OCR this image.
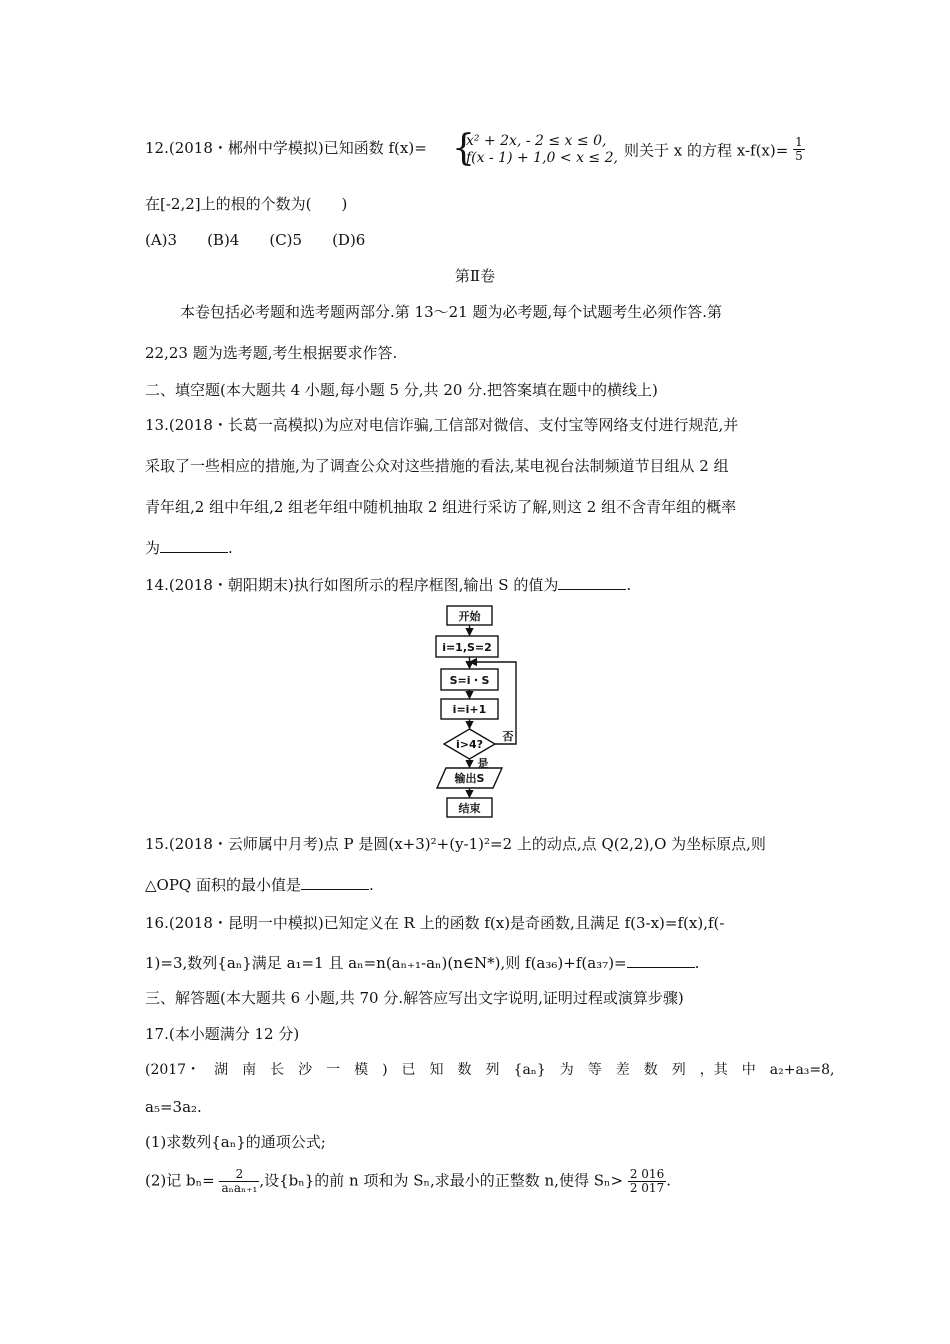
12.(2018・郴州中学模拟)已知函数 f(x)= {
x² + 2x, - 2 ≤ x ≤ 0,
f(x - 1) + 1,0 < x ≤ 2, 则关于 x 的方程 $x-f(x)= \frac{1}{5}$
在[-2,2]上的根的个数为(　　)
(A)3　　(B)4　　(C)5　　(D)6
第Ⅱ卷
本卷包括必考题和选考题两部分.第 13～21 题为必考题,每个试题考生必须作答.第
22,23 题为选考题,考生根据要求作答.
二、填空题(本大题共 4 小题,每小题 5 分,共 20 分.把答案填在题中的横线上)
13.(2018・长葛一高模拟)为应对电信诈骗,工信部对微信、支付宝等网络支付进行规范,并
采取了一些相应的措施,为了调查公众对这些措施的看法,某电视台法制频道节目组从 2 组
青年组,2 组中年组,2 组老年组中随机抽取 2 组进行采访了解,则这 2 组不含青年组的概率
为	.
14.(2018・朝阳期末)执行如图所示的程序框图,输出 S 的值为	.
开始
i=1,S=2
S=i・S
i=i+1
i>4?
输出S
结束
是
否
15.(2018・云师属中月考)点 P 是圆(x+3)²+(y-1)²=2 上的动点,点 Q(2,2),O 为坐标原点,则
△OPQ 面积的最小值是	.
16.(2018・昆明一中模拟)已知定义在 R 上的函数 f(x)是奇函数,且满足 f(3-x)=f(x),f(-
1)=3,数列{aₙ}满足 a₁=1 且 aₙ=n(aₙ₊₁-aₙ)(n∈N*),则 f(a₃₆)+f(a₃₇)=	.
三、解答题(本大题共 6 小题,共 70 分.解答应写出文字说明,证明过程或演算步骤)
17.(本小题满分 12 分)
(2017・　湖　南　长　沙　一　模　)　已　知　数　列　{aₙ}　为　等　差　数　列　，其　中　a₂+a₃=8,
a₅=3a₂.
(1)求数列{aₙ}的通项公式;
(2)记 $b_n= \frac{2}{\text{aₙaₙ₊₁}}$ ,设{bₙ}的前 n 项和为 Sₙ,求最小的正整数 n,使得 $S_n> \frac{2 016}{2 017}$ .
